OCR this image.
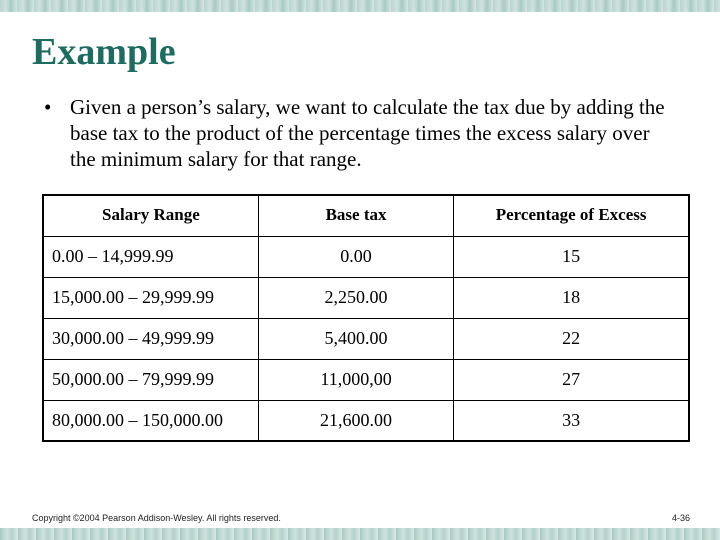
Example
• Given a person’s salary, we want to calculate the tax due by adding the base tax to the product of the percentage times the excess salary over the minimum salary for that range.
Salary Range	Base tax	Percentage of Excess
0.00 – 14,999.99	0.00	15
15,000.00 – 29,999.99	2,250.00	18
30,000.00 – 49,999.99	5,400.00	22
50,000.00 – 79,999.99	11,000,00	27
80,000.00 – 150,000.00	21,600.00	33
Copyright ©2004 Pearson Addison-Wesley. All rights reserved.	4-36
